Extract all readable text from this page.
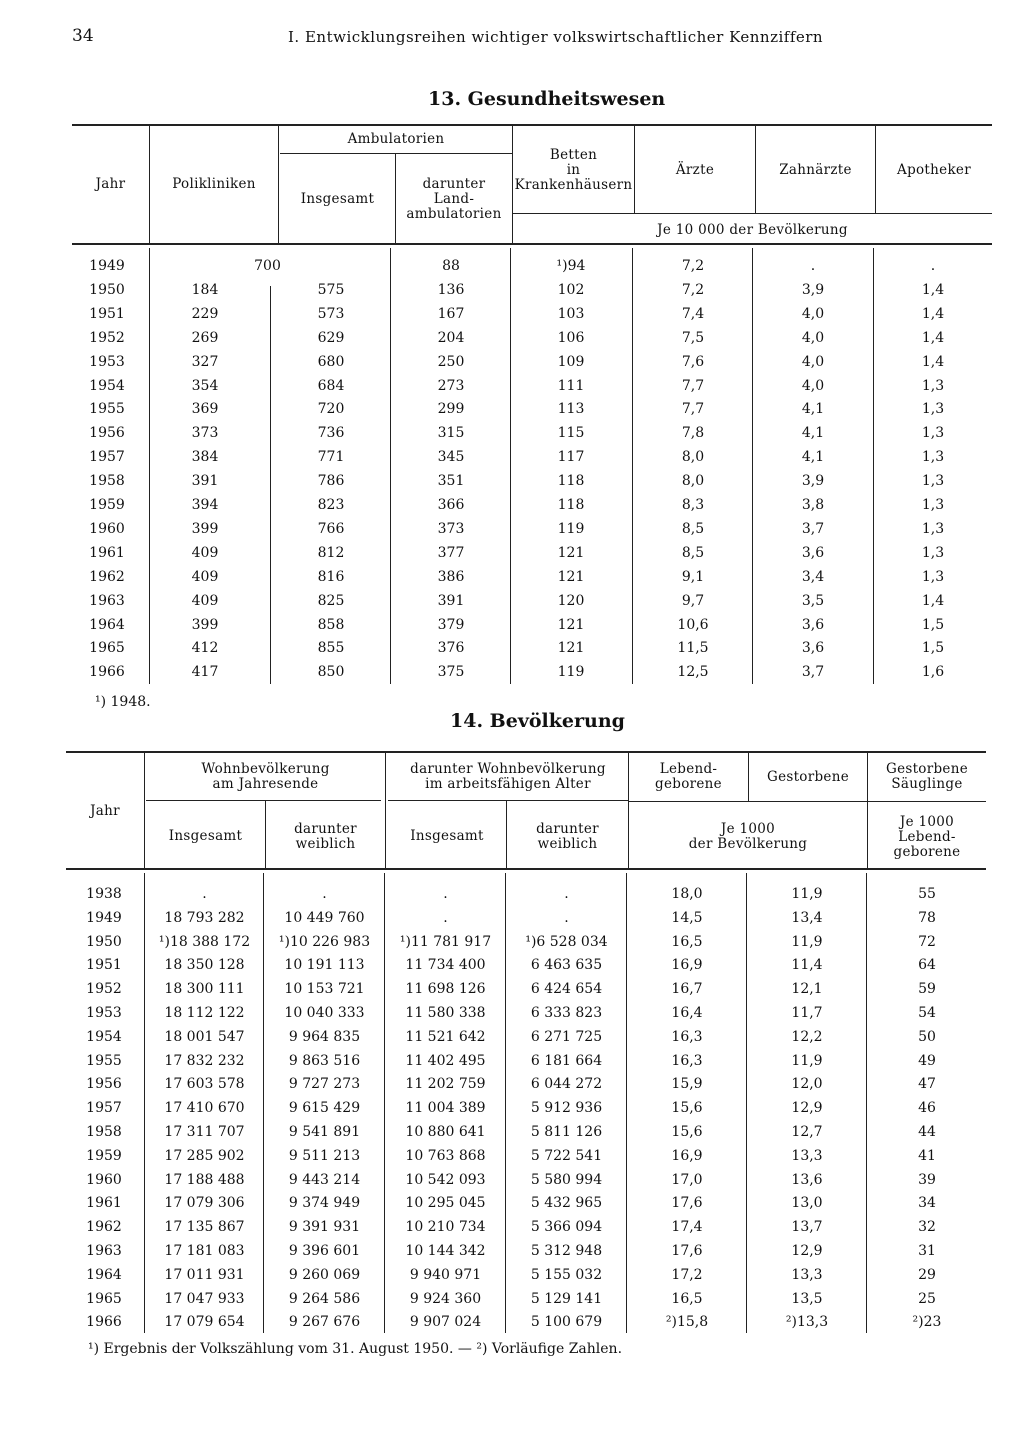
34	I. Entwicklungsreihen wichtiger volkswirtschaftlicher Kennziffern
13. Gesundheitswesen
Jahr	Polikliniken
Ambulatorien
Insgesamt
darunter
Land-
ambulatorien
Betten
in
Krankenhäusern
Ärzte	Zahnärzte	Apotheker
Je 10 000 der Bevölkerung
1949	700	88	¹)94	7,2	.	.
1950	184	575	136	102	7,2	3,9	1,4
1951	229	573	167	103	7,4	4,0	1,4
1952	269	629	204	106	7,5	4,0	1,4
1953	327	680	250	109	7,6	4,0	1,4
1954	354	684	273	111	7,7	4,0	1,3
1955	369	720	299	113	7,7	4,1	1,3
1956	373	736	315	115	7,8	4,1	1,3
1957	384	771	345	117	8,0	4,1	1,3
1958	391	786	351	118	8,0	3,9	1,3
1959	394	823	366	118	8,3	3,8	1,3
1960	399	766	373	119	8,5	3,7	1,3
1961	409	812	377	121	8,5	3,6	1,3
1962	409	816	386	121	9,1	3,4	1,3
1963	409	825	391	120	9,7	3,5	1,4
1964	399	858	379	121	10,6	3,6	1,5
1965	412	855	376	121	11,5	3,6	1,5
1966	417	850	375	119	12,5	3,7	1,6
¹) 1948.
14. Bevölkerung
Jahr
Wohnbevölkerung
am Jahresende
darunter Wohnbevölkerung
im arbeitsfähigen Alter
Lebend-
geborene	Gestorbene	Gestorbene
Säuglinge
Insgesamt	darunter
weiblich	Insgesamt	darunter
weiblich
Je 1000
der Bevölkerung
Je 1000
Lebend-
geborene
1938	.	.	.	.	18,0	11,9	55
1949	18 793 282	10 449 760	.	.	14,5	13,4	78
1950	¹)18 388 172	¹)10 226 983	¹)11 781 917	¹)6 528 034	16,5	11,9	72
1951	18 350 128	10 191 113	11 734 400	6 463 635	16,9	11,4	64
1952	18 300 111	10 153 721	11 698 126	6 424 654	16,7	12,1	59
1953	18 112 122	10 040 333	11 580 338	6 333 823	16,4	11,7	54
1954	18 001 547	9 964 835	11 521 642	6 271 725	16,3	12,2	50
1955	17 832 232	9 863 516	11 402 495	6 181 664	16,3	11,9	49
1956	17 603 578	9 727 273	11 202 759	6 044 272	15,9	12,0	47
1957	17 410 670	9 615 429	11 004 389	5 912 936	15,6	12,9	46
1958	17 311 707	9 541 891	10 880 641	5 811 126	15,6	12,7	44
1959	17 285 902	9 511 213	10 763 868	5 722 541	16,9	13,3	41
1960	17 188 488	9 443 214	10 542 093	5 580 994	17,0	13,6	39
1961	17 079 306	9 374 949	10 295 045	5 432 965	17,6	13,0	34
1962	17 135 867	9 391 931	10 210 734	5 366 094	17,4	13,7	32
1963	17 181 083	9 396 601	10 144 342	5 312 948	17,6	12,9	31
1964	17 011 931	9 260 069	9 940 971	5 155 032	17,2	13,3	29
1965	17 047 933	9 264 586	9 924 360	5 129 141	16,5	13,5	25
1966	17 079 654	9 267 676	9 907 024	5 100 679	²)15,8	²)13,3	²)23
¹) Ergebnis der Volkszählung vom 31. August 1950. — ²) Vorläufige Zahlen.
